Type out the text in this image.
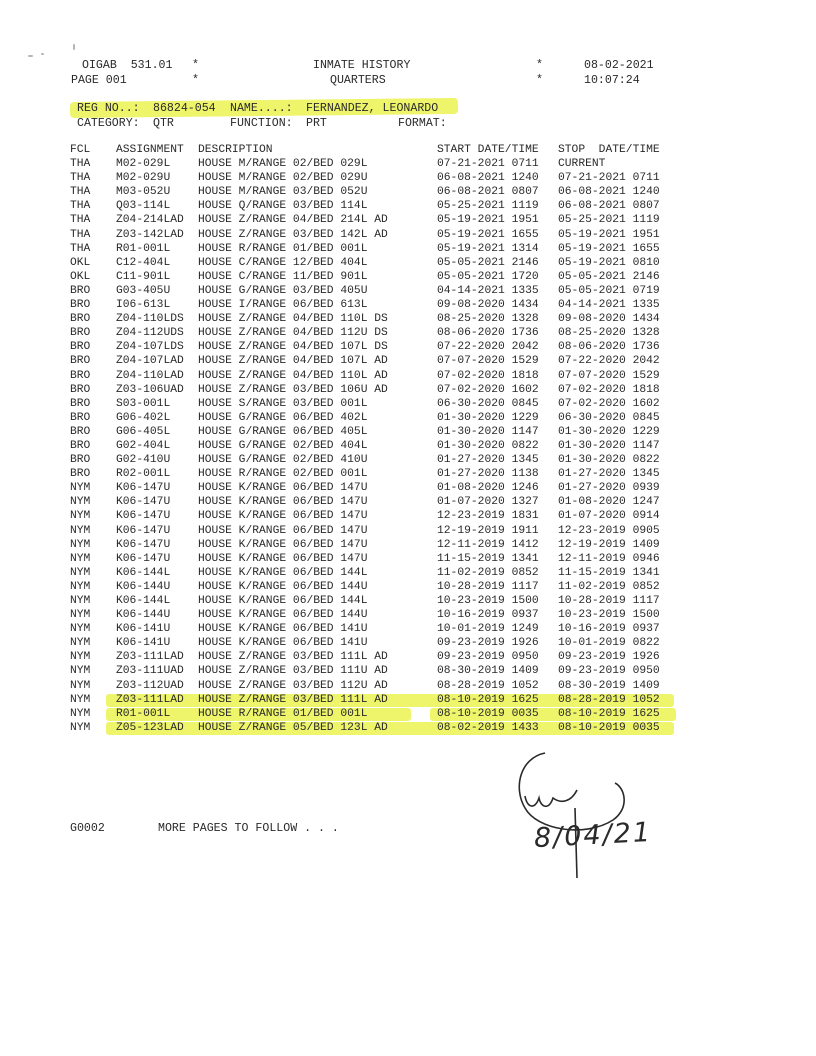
OIGAB  531.01 *
PAGE 001	*
INMATE HISTORY
QUARTERS
*
*
08-02-2021
10:07:24
REG NO..: 86824-054 NAME....: FERNANDEZ, LEONARDO
CATEGORY: QTR	FUNCTION: PRT	FORMAT:
FCL ASSIGNMENT DESCRIPTION	START DATE/TIME STOP  DATE/TIME
THA M02-029L HOUSE M/RANGE 02/BED 029L	07-21-2021 0711 CURRENT
THA M02-029U HOUSE M/RANGE 02/BED 029U	06-08-2021 1240 07-21-2021 0711
THA M03-052U HOUSE M/RANGE 03/BED 052U	06-08-2021 0807 06-08-2021 1240
THA Q03-114L HOUSE Q/RANGE 03/BED 114L	05-25-2021 1119 06-08-2021 0807
THA Z04-214LAD HOUSE Z/RANGE 04/BED 214L AD	05-19-2021 1951 05-25-2021 1119
THA Z03-142LAD HOUSE Z/RANGE 03/BED 142L AD	05-19-2021 1655 05-19-2021 1951
THA R01-001L HOUSE R/RANGE 01/BED 001L	05-19-2021 1314 05-19-2021 1655
OKL C12-404L HOUSE C/RANGE 12/BED 404L	05-05-2021 2146 05-19-2021 0810
OKL C11-901L HOUSE C/RANGE 11/BED 901L	05-05-2021 1720 05-05-2021 2146
BRO G03-405U HOUSE G/RANGE 03/BED 405U	04-14-2021 1335 05-05-2021 0719
BRO I06-613L HOUSE I/RANGE 06/BED 613L	09-08-2020 1434 04-14-2021 1335
BRO Z04-110LDS HOUSE Z/RANGE 04/BED 110L DS	08-25-2020 1328 09-08-2020 1434
BRO Z04-112UDS HOUSE Z/RANGE 04/BED 112U DS	08-06-2020 1736 08-25-2020 1328
BRO Z04-107LDS HOUSE Z/RANGE 04/BED 107L DS	07-22-2020 2042 08-06-2020 1736
BRO Z04-107LAD HOUSE Z/RANGE 04/BED 107L AD	07-07-2020 1529 07-22-2020 2042
BRO Z04-110LAD HOUSE Z/RANGE 04/BED 110L AD	07-02-2020 1818 07-07-2020 1529
BRO Z03-106UAD HOUSE Z/RANGE 03/BED 106U AD	07-02-2020 1602 07-02-2020 1818
BRO S03-001L HOUSE S/RANGE 03/BED 001L	06-30-2020 0845 07-02-2020 1602
BRO G06-402L HOUSE G/RANGE 06/BED 402L	01-30-2020 1229 06-30-2020 0845
BRO G06-405L HOUSE G/RANGE 06/BED 405L	01-30-2020 1147 01-30-2020 1229
BRO G02-404L HOUSE G/RANGE 02/BED 404L	01-30-2020 0822 01-30-2020 1147
BRO G02-410U HOUSE G/RANGE 02/BED 410U	01-27-2020 1345 01-30-2020 0822
BRO R02-001L HOUSE R/RANGE 02/BED 001L	01-27-2020 1138 01-27-2020 1345
NYM K06-147U HOUSE K/RANGE 06/BED 147U	01-08-2020 1246 01-27-2020 0939
NYM K06-147U HOUSE K/RANGE 06/BED 147U	01-07-2020 1327 01-08-2020 1247
NYM K06-147U HOUSE K/RANGE 06/BED 147U	12-23-2019 1831 01-07-2020 0914
NYM K06-147U HOUSE K/RANGE 06/BED 147U	12-19-2019 1911 12-23-2019 0905
NYM K06-147U HOUSE K/RANGE 06/BED 147U	12-11-2019 1412 12-19-2019 1409
NYM K06-147U HOUSE K/RANGE 06/BED 147U	11-15-2019 1341 12-11-2019 0946
NYM K06-144L HOUSE K/RANGE 06/BED 144L	11-02-2019 0852 11-15-2019 1341
NYM K06-144U HOUSE K/RANGE 06/BED 144U	10-28-2019 1117 11-02-2019 0852
NYM K06-144L HOUSE K/RANGE 06/BED 144L	10-23-2019 1500 10-28-2019 1117
NYM K06-144U HOUSE K/RANGE 06/BED 144U	10-16-2019 0937 10-23-2019 1500
NYM K06-141U HOUSE K/RANGE 06/BED 141U	10-01-2019 1249 10-16-2019 0937
NYM K06-141U HOUSE K/RANGE 06/BED 141U	09-23-2019 1926 10-01-2019 0822
NYM Z03-111LAD HOUSE Z/RANGE 03/BED 111L AD	09-23-2019 0950 09-23-2019 1926
NYM Z03-111UAD HOUSE Z/RANGE 03/BED 111U AD	08-30-2019 1409 09-23-2019 0950
NYM Z03-112UAD HOUSE Z/RANGE 03/BED 112U AD	08-28-2019 1052 08-30-2019 1409
NYM Z03-111LAD HOUSE Z/RANGE 03/BED 111L AD	08-10-2019 1625 08-28-2019 1052
NYM R01-001L HOUSE R/RANGE 01/BED 001L	08-10-2019 0035 08-10-2019 1625
NYM Z05-123LAD HOUSE Z/RANGE 05/BED 123L AD	08-02-2019 1433 08-10-2019 0035
G0002	MORE PAGES TO FOLLOW . . .	8/04/21
